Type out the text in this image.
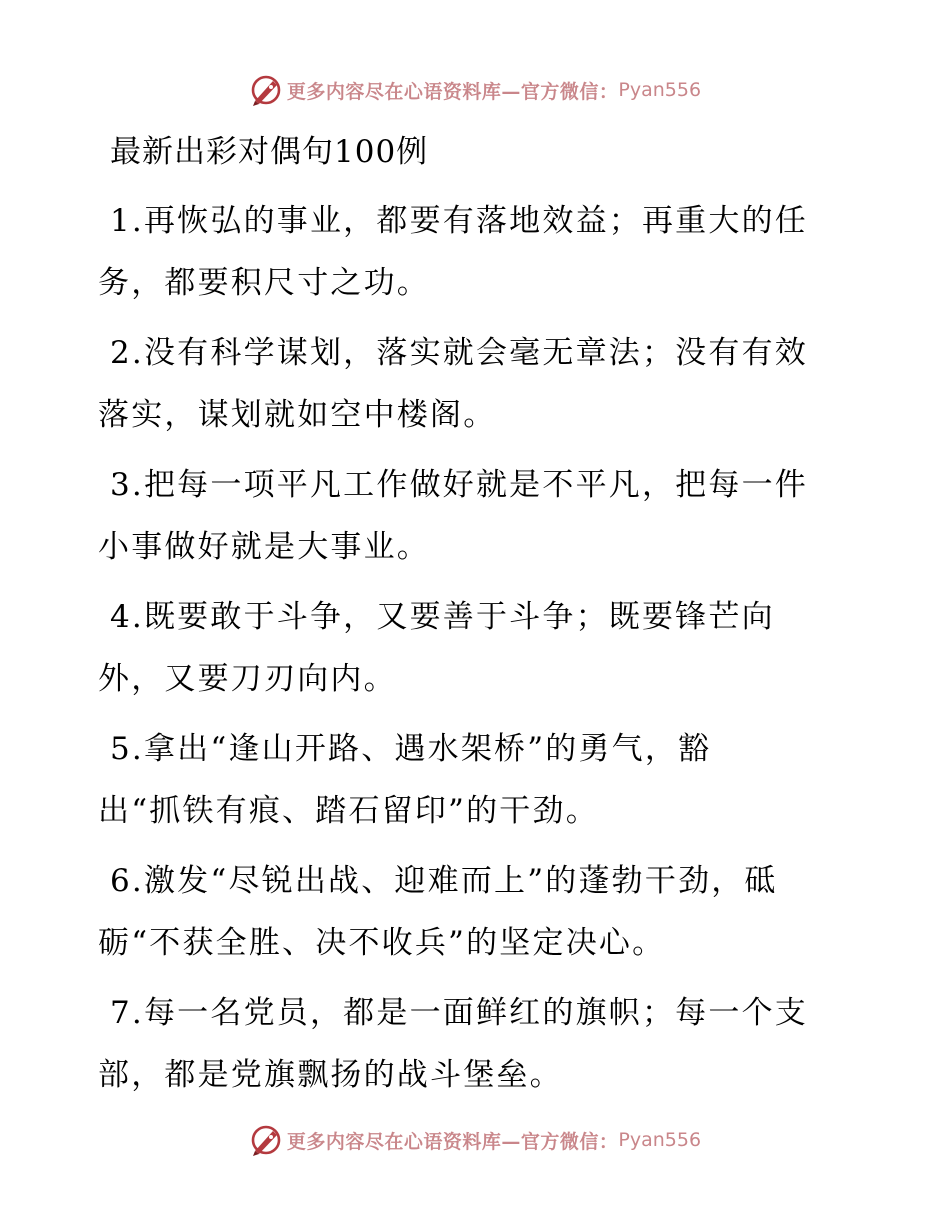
更多内容尽在心语资料库—官方微信： Pyan556
最新出彩对偶句100例
1.再恢弘的事业，都要有落地效益；再重大的任
务，都要积尺寸之功。
2.没有科学谋划，落实就会毫无章法；没有有效
落实，谋划就如空中楼阁。
3.把每一项平凡工作做好就是不平凡，把每一件
小事做好就是大事业。
4.既要敢于斗争，又要善于斗争；既要锋芒向
外，又要刀刃向内。
5.拿出“逢山开路、遇水架桥”的勇气，豁
出“抓铁有痕、踏石留印”的干劲。
6.激发“尽锐出战、迎难而上”的蓬勃干劲，砥
砺“不获全胜、决不收兵”的坚定决心。
7.每一名党员，都是一面鲜红的旗帜；每一个支
部，都是党旗飘扬的战斗堡垒。
更多内容尽在心语资料库—官方微信： Pyan556
